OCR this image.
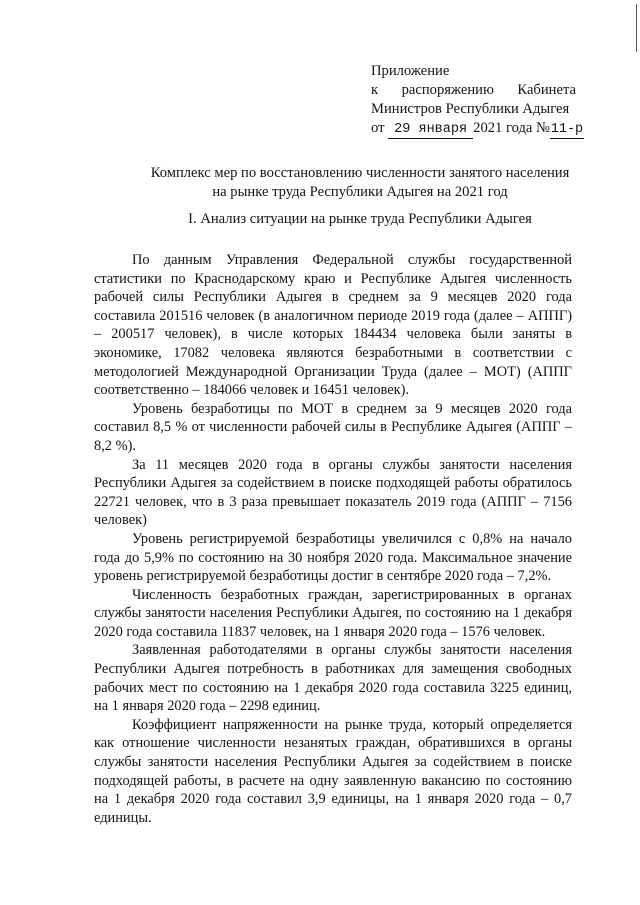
Приложение
к распоряжению Кабинета
Министров Республики Адыгея
от 29 января 2021 года №11-р
Комплекс мер по восстановлению численности занятого населения
на рынке труда Республики Адыгея на 2021 год
I. Анализ ситуации на рынке труда Республики Адыгея

По данным Управления Федеральной службы государственной статистики по Краснодарскому краю и Республике Адыгея численность рабочей силы Республики Адыгея в среднем за 9 месяцев 2020 года составила 201516 человек (в аналогичном периоде 2019 года (далее – АППГ) – 200517 человек), в числе которых 184434 человека были заняты в экономике, 17082 человека являются безработными в соответствии с методологией Международной Организации Труда (далее – МОТ) (АППГ соответственно – 184066 человек и 16451 человек).

Уровень безработицы по МОТ в среднем за 9 месяцев 2020 года составил 8,5 % от численности рабочей силы в Республике Адыгея (АППГ – 8,2 %).

За 11 месяцев 2020 года в органы службы занятости населения Республики Адыгея за содействием в поиске подходящей работы обратилось 22721 человек, что в 3 раза превышает показатель 2019 года (АППГ – 7156 человек)

Уровень регистрируемой безработицы увеличился с 0,8% на начало года до 5,9% по состоянию на 30 ноября 2020 года. Максимальное значение уровень регистрируемой безработицы достиг в сентябре 2020 года – 7,2%.

Численность безработных граждан, зарегистрированных в органах службы занятости населения Республики Адыгея, по состоянию на 1 декабря 2020 года составила 11837 человек, на 1 января 2020 года – 1576 человек.

Заявленная работодателями в органы службы занятости населения Республики Адыгея потребность в работниках для замещения свободных рабочих мест по состоянию на 1 декабря 2020 года составила 3225 единиц, на 1 января 2020 года – 2298 единиц.

Коэффициент напряженности на рынке труда, который определяется как отношение численности незанятых граждан, обратившихся в органы службы занятости населения Республики Адыгея за содействием в поиске подходящей работы, в расчете на одну заявленную вакансию по состоянию на 1 декабря 2020 года составил 3,9 единицы, на 1 января 2020 года – 0,7 единицы.
